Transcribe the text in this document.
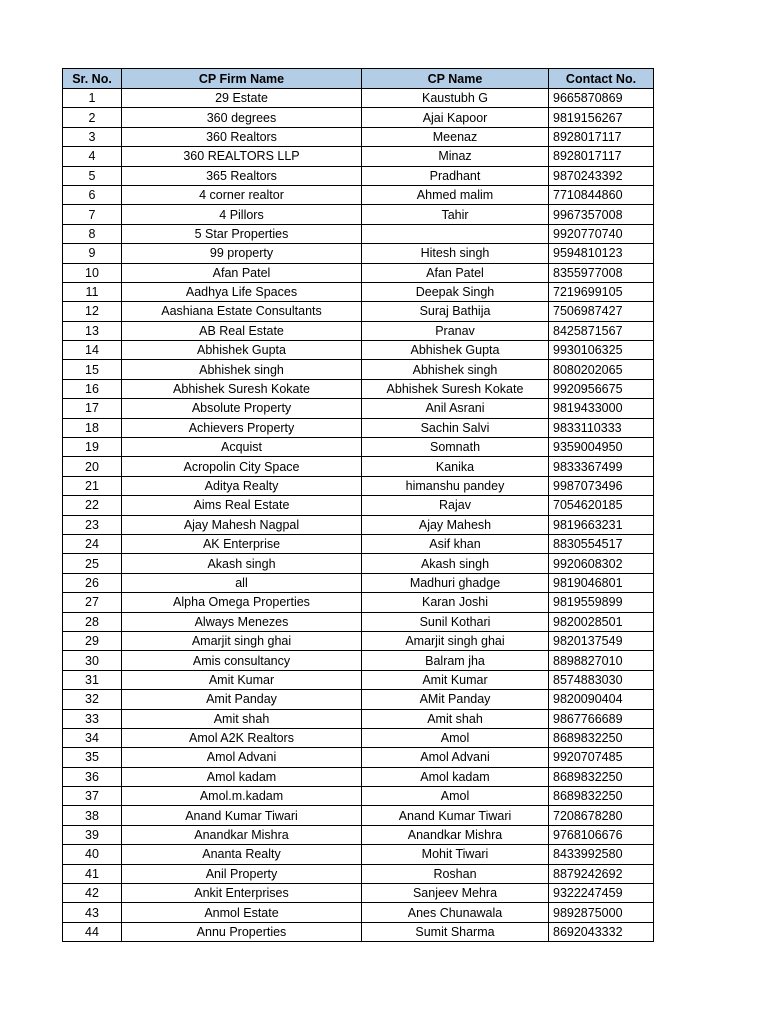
Sr. No.	CP Firm Name	CP Name	Contact No.
1	29 Estate	Kaustubh G	9665870869
2	360 degrees	Ajai Kapoor	9819156267
3	360 Realtors	Meenaz	8928017117
4	360 REALTORS LLP	Minaz	8928017117
5	365 Realtors	Pradhant	9870243392
6	4 corner realtor	Ahmed malim	7710844860
7	4 Pillors	Tahir	9967357008
8	5 Star Properties		9920770740
9	99 property	Hitesh singh	9594810123
10	Afan Patel	Afan Patel	8355977008
11	Aadhya Life Spaces	Deepak Singh	7219699105
12	Aashiana Estate Consultants	Suraj Bathija	7506987427
13	AB Real Estate	Pranav	8425871567
14	Abhishek Gupta	Abhishek Gupta	9930106325
15	Abhishek singh	Abhishek singh	8080202065
16	Abhishek Suresh Kokate	Abhishek Suresh Kokate	9920956675
17	Absolute Property	Anil Asrani	9819433000
18	Achievers Property	Sachin Salvi	9833110333
19	Acquist	Somnath	9359004950
20	Acropolin City Space	Kanika	9833367499
21	Aditya Realty	himanshu pandey	9987073496
22	Aims Real Estate	Rajav	7054620185
23	Ajay Mahesh Nagpal	Ajay Mahesh	9819663231
24	AK Enterprise	Asif khan	8830554517
25	Akash singh	Akash singh	9920608302
26	all	Madhuri ghadge	9819046801
27	Alpha Omega Properties	Karan Joshi	9819559899
28	Always Menezes	Sunil Kothari	9820028501
29	Amarjit singh ghai	Amarjit singh ghai	9820137549
30	Amis consultancy	Balram jha	8898827010
31	Amit Kumar	Amit Kumar	8574883030
32	Amit Panday	AMit Panday	9820090404
33	Amit shah	Amit shah	9867766689
34	Amol A2K Realtors	Amol	8689832250
35	Amol Advani	Amol Advani	9920707485
36	Amol kadam	Amol kadam	8689832250
37	Amol.m.kadam	Amol	8689832250
38	Anand Kumar Tiwari	Anand Kumar Tiwari	7208678280
39	Anandkar Mishra	Anandkar Mishra	9768106676
40	Ananta Realty	Mohit Tiwari	8433992580
41	Anil Property	Roshan	8879242692
42	Ankit Enterprises	Sanjeev Mehra	9322247459
43	Anmol Estate	Anes Chunawala	9892875000
44	Annu Properties	Sumit Sharma	8692043332
